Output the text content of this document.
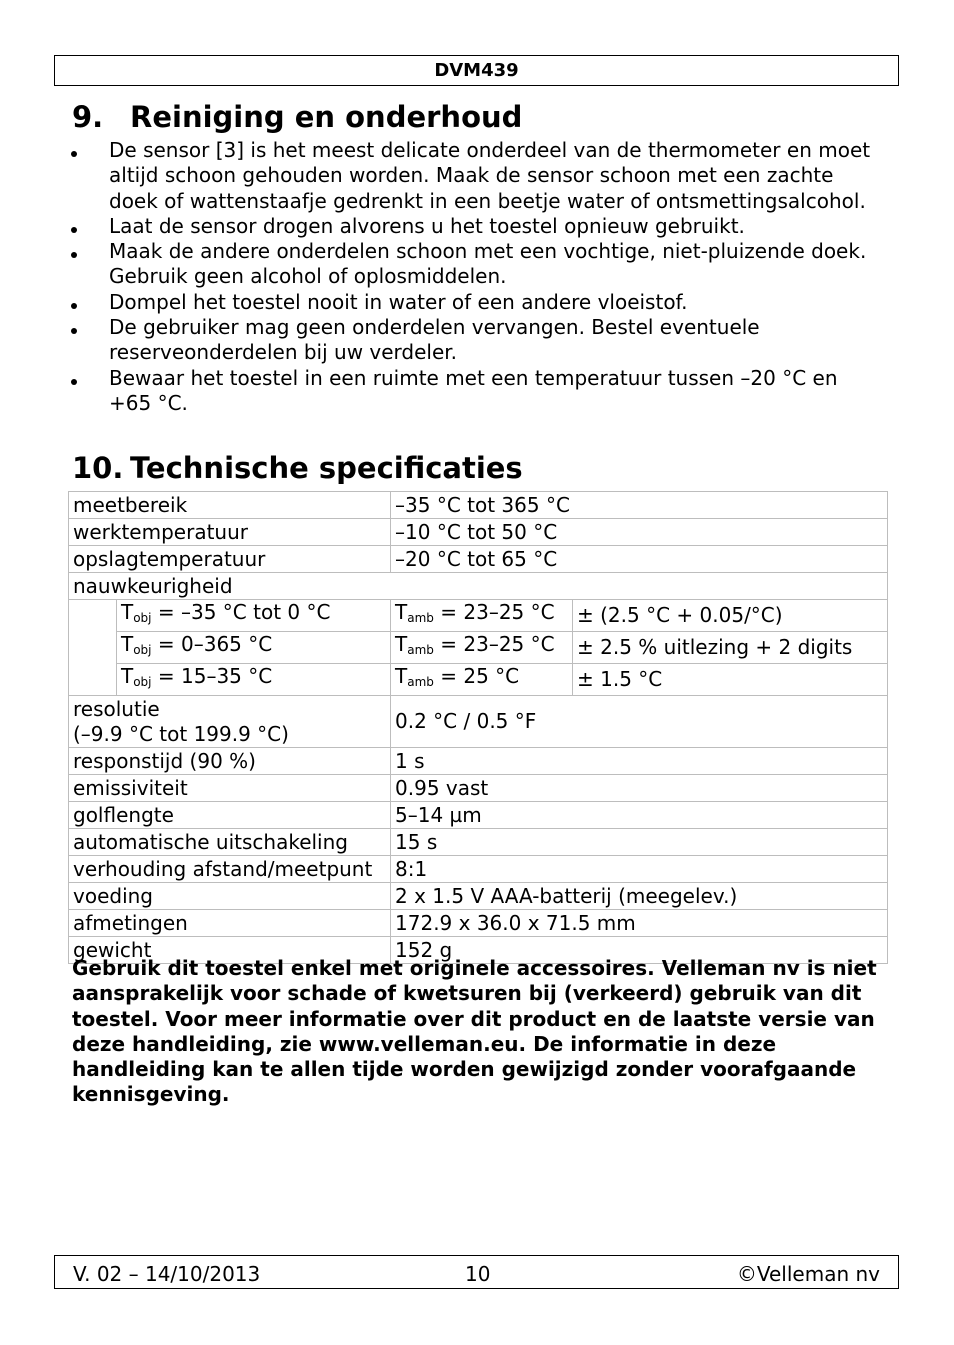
DVM439
9. Reiniging en onderhoud
De sensor [3] is het meest delicate onderdeel van de thermometer en moet altijd schoon gehouden worden. Maak de sensor schoon met een zachte doek of wattenstaafje gedrenkt in een beetje water of ontsmettingsalcohol.
Laat de sensor drogen alvorens u het toestel opnieuw gebruikt.
Maak de andere onderdelen schoon met een vochtige, niet-pluizende doek. Gebruik geen alcohol of oplosmiddelen.
Dompel het toestel nooit in water of een andere vloeistof.
De gebruiker mag geen onderdelen vervangen. Bestel eventuele reserveonderdelen bij uw verdeler.
Bewaar het toestel in een ruimte met een temperatuur tussen –20 °C en +65 °C.
10. Technische specificaties
meetbereik		–35 °C tot 365 °C	
werktemperatuur		–10 °C tot 50 °C	
opslagtemperatuur		–20 °C tot 65 °C	
nauwkeurigheid			
	$T_{obj} = -35$ °C tot 0 °C	$T_{amb} = 23-25$ °C	± (2.5 °C + 0.05/°C)
	$T_{obj} = 0-365$ °C	$T_{amb} = 23-25$ °C	± 2.5 % uitlezing + 2 digits
	$T_{obj} = 15-35$ °C	$T_{amb} = 25$ °C	± 1.5 °C
resolutie
(–9.9 °C tot 199.9 °C)		0.2 °C / 0.5 °F	
responstijd (90 %)		1 s	
emissiviteit		0.95 vast	
golflengte		5–14 µm	
automatische uitschakeling		15 s	
verhouding afstand/meetpunt		8:1	
voeding		2 x 1.5 V AAA-batterij (meegelev.)	
afmetingen		172.9 x 36.0 x 71.5 mm	
gewicht		152 g	

Gebruik dit toestel enkel met originele accessoires. Velleman nv is niet aansprakelijk voor schade of kwetsuren bij (verkeerd) gebruik van dit toestel. Voor meer informatie over dit product en de laatste versie van deze handleiding, zie www.velleman.eu. De informatie in deze handleiding kan te allen tijde worden gewijzigd zonder voorafgaande kennisgeving.

V. 02 – 14/10/2013	10	©Velleman nv
